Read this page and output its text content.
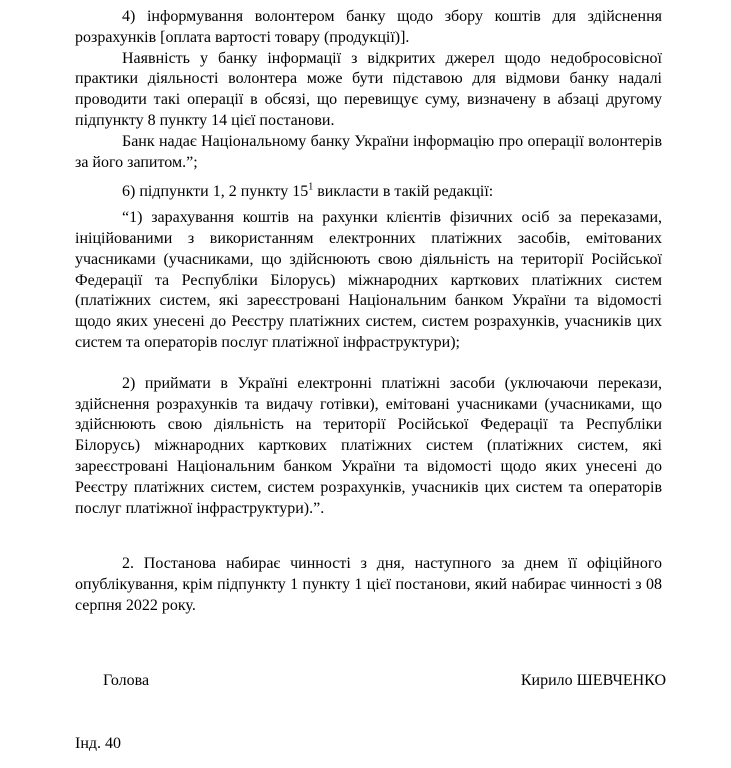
4) інформування волонтером банку щодо збору коштів для здійснення розрахунків [оплата вартості товару (продукції)].

Наявність у банку інформації з відкритих джерел щодо недобросовісної практики діяльності волонтера може бути підставою для відмови банку надалі проводити такі операції в обсязі, що перевищує суму, визначену в абзаці другому підпункту 8 пункту 14 цієї постанови.

Банк надає Національному банку України інформацію про операції волонтерів за його запитом.”;

6) підпункти 1, 2 пункту $15^1$ викласти в такій редакції:

“1) зарахування коштів на рахунки клієнтів фізичних осіб за переказами, ініційованими з використанням електронних платіжних засобів, емітованих учасниками (учасниками, що здійснюють свою діяльність на території Російської Федерації та Республіки Білорусь) міжнародних карткових платіжних систем (платіжних систем, які зареєстровані Національним банком України та відомості щодо яких унесені до Реєстру платіжних систем, систем розрахунків, учасників цих систем та операторів послуг платіжної інфраструктури);

2) приймати в Україні електронні платіжні засоби (уключаючи перекази, здійснення розрахунків та видачу готівки), емітовані учасниками (учасниками, що здійснюють свою діяльність на території Російської Федерації та Республіки Білорусь) міжнародних карткових платіжних систем (платіжних систем, які зареєстровані Національним банком України та відомості щодо яких унесені до Реєстру платіжних систем, систем розрахунків, учасників цих систем та операторів послуг платіжної інфраструктури).”.

2. Постанова набирає чинності з дня, наступного за днем її офіційного опублікування, крім підпункту 1 пункту 1 цієї постанови, який набирає чинності з 08 серпня 2022 року.

Голова	Кирило ШЕВЧЕНКО
Інд. 40
